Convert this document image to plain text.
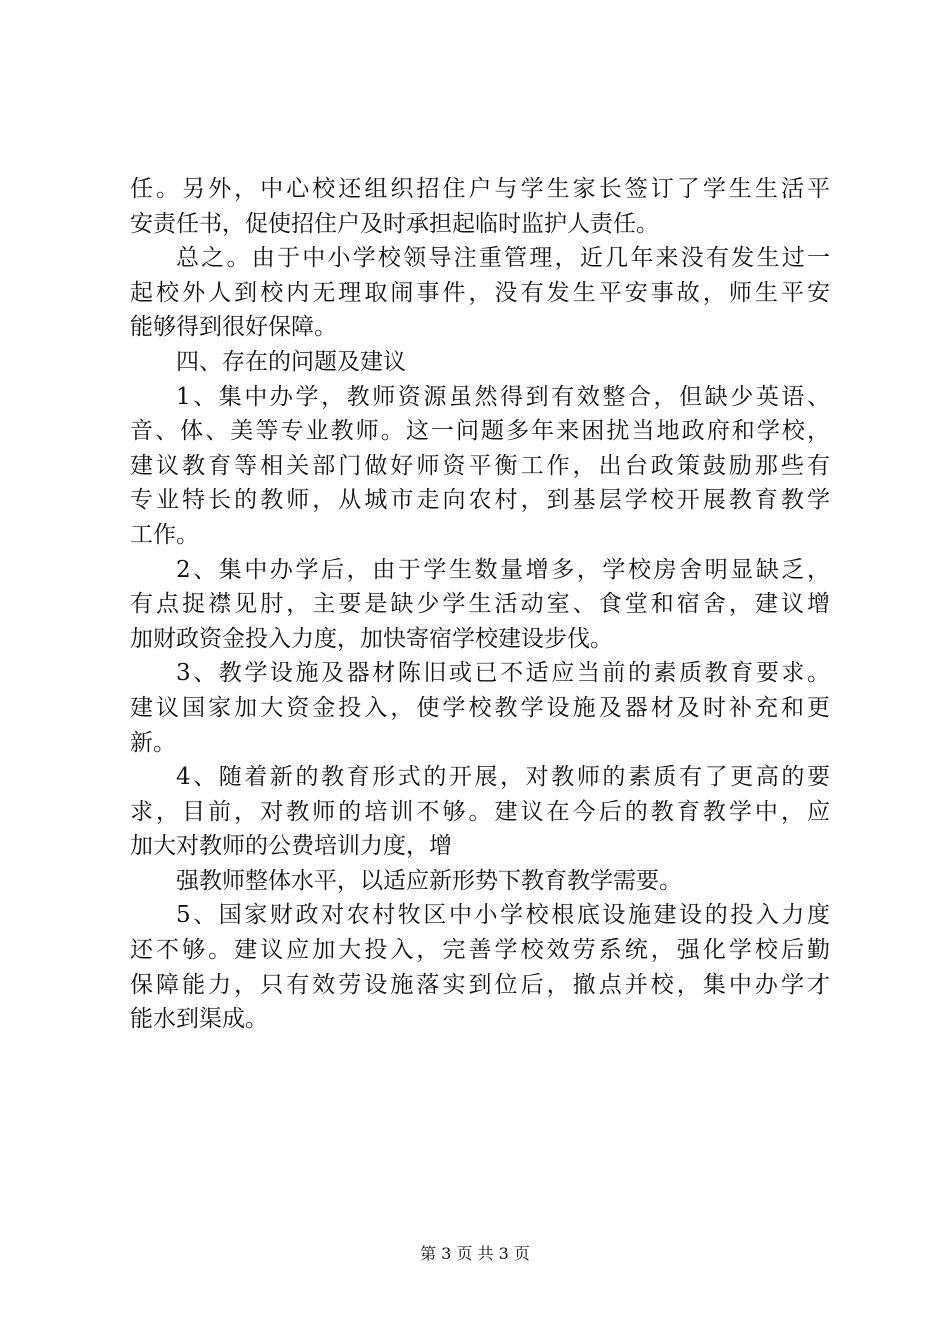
任。另外，中心校还组织招住户与学生家长签订了学生生活平
安责任书，促使招住户及时承担起临时监护人责任。
总之。由于中小学校领导注重管理，近几年来没有发生过一
起校外人到校内无理取闹事件，没有发生平安事故，师生平安
能够得到很好保障。
四、存在的问题及建议
1、集中办学，教师资源虽然得到有效整合，但缺少英语、
音、体、美等专业教师。这一问题多年来困扰当地政府和学校，
建议教育等相关部门做好师资平衡工作，出台政策鼓励那些有
专业特长的教师，从城市走向农村，到基层学校开展教育教学
工作。
2、集中办学后，由于学生数量增多，学校房舍明显缺乏，
有点捉襟见肘，主要是缺少学生活动室、食堂和宿舍，建议增
加财政资金投入力度，加快寄宿学校建设步伐。
3、教学设施及器材陈旧或已不适应当前的素质教育要求。
建议国家加大资金投入，使学校教学设施及器材及时补充和更
新。
4、随着新的教育形式的开展，对教师的素质有了更高的要
求，目前，对教师的培训不够。建议在今后的教育教学中，应
加大对教师的公费培训力度，增
强教师整体水平，以适应新形势下教育教学需要。
5、国家财政对农村牧区中小学校根底设施建设的投入力度
还不够。建议应加大投入，完善学校效劳系统，强化学校后勤
保障能力，只有效劳设施落实到位后，撤点并校，集中办学才
能水到渠成。
第 3 页 共 3 页
